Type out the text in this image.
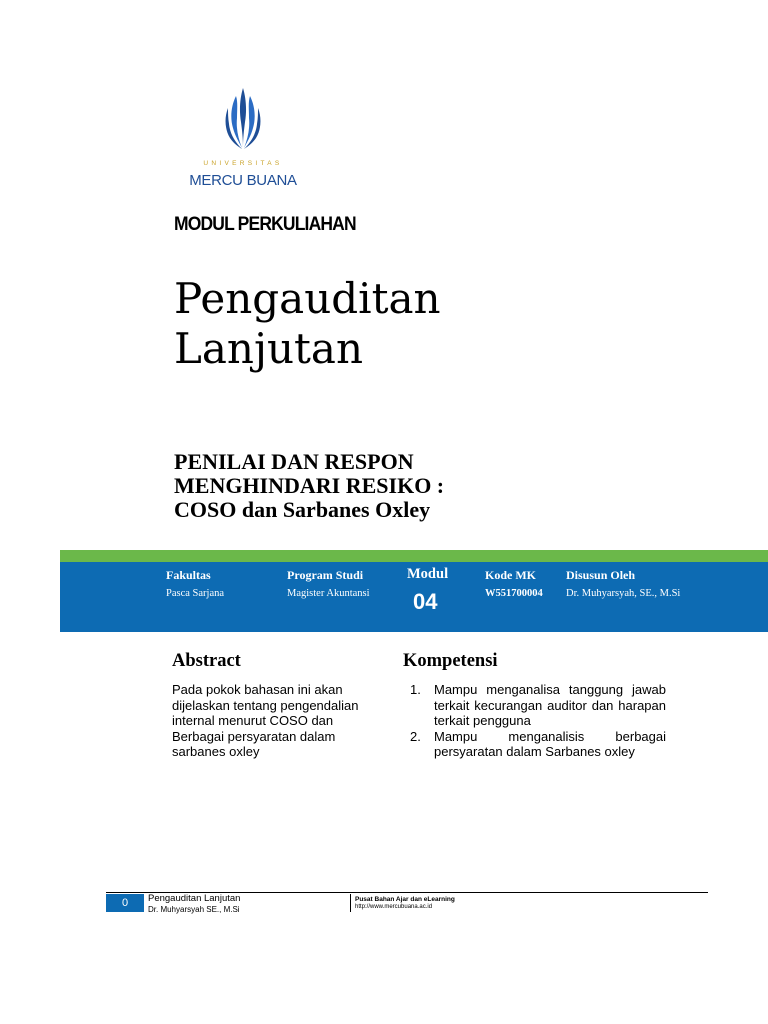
UNIVERSITAS
MERCU BUANA
MODUL PERKULIAHAN
Pengauditan
Lanjutan
PENILAI DAN RESPON
MENGHINDARI RESIKO :
COSO dan Sarbanes Oxley
Fakultas
Pasca Sarjana
Program Studi
Magister Akuntansi
Modul
04
Kode MK
W551700004
Disusun Oleh
Dr. Muhyarsyah, SE., M.Si
Abstract	Kompetensi
Pada pokok bahasan ini akan
dijelaskan tentang pengendalian
internal menurut COSO dan
Berbagai persyaratan dalam
sarbanes oxley
1. Mampu menganalisa tanggung jawab terkait kecurangan auditor dan harapan terkait pengguna
2. Mampu menganalisis berbagai persyaratan dalam Sarbanes oxley
0	Pengauditan Lanjutan
Dr. Muhyarsyah SE., M.Si
Pusat Bahan Ajar dan eLearning
http://www.mercubuana.ac.id
